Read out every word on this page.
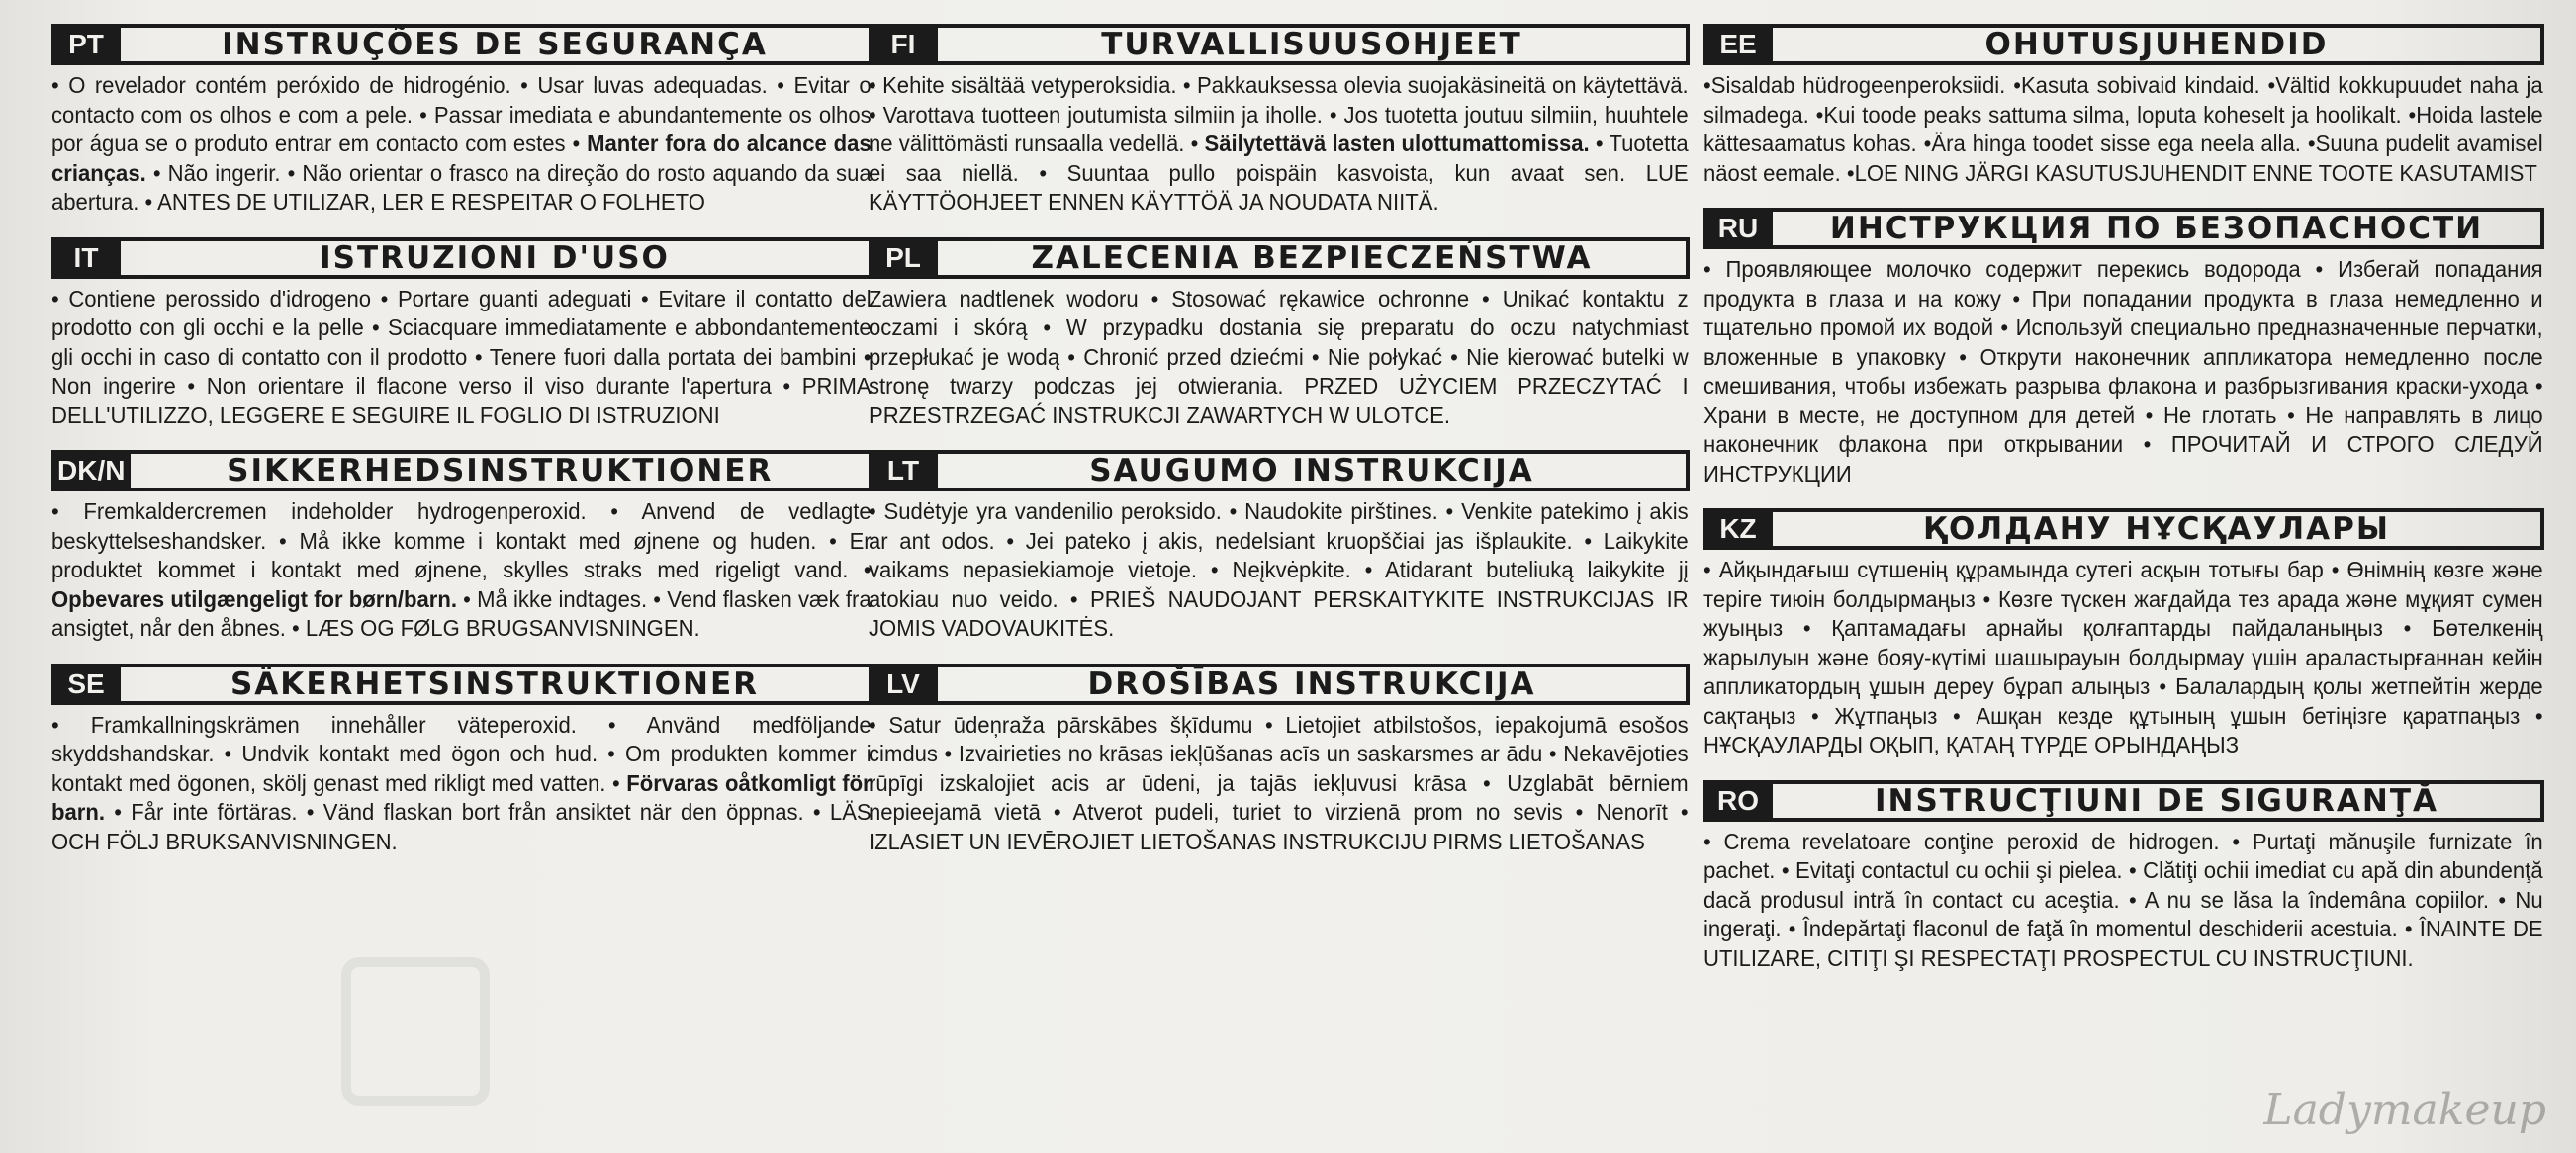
PT	INSTRUÇÕES DE SEGURANÇA
• O revelador contém peróxido de hidrogénio. • Usar luvas adequadas. • Evitar o contacto com os olhos e com a pele. • Passar imediata e abundantemente os olhos por água se o produto entrar em contacto com estes • Manter fora do alcance das crianças. • Não ingerir. • Não orientar o frasco na direção do rosto aquando da sua abertura. • ANTES DE UTILIZAR, LER E RESPEITAR O FOLHETO
IT	ISTRUZIONI D'USO
• Contiene perossido d'idrogeno • Portare guanti adeguati • Evitare il contatto del prodotto con gli occhi e la pelle • Sciacquare immediatamente e abbondantemente gli occhi in caso di contatto con il prodotto • Tenere fuori dalla portata dei bambini • Non ingerire • Non orientare il flacone verso il viso durante l'apertura • PRIMA DELL'UTILIZZO, LEGGERE E SEGUIRE IL FOGLIO DI ISTRUZIONI
DK/N	SIKKERHEDSINSTRUKTIONER
• Fremkaldercremen indeholder hydrogenperoxid. • Anvend de vedlagte beskyttelseshandsker. • Må ikke komme i kontakt med øjnene og huden. • Er produktet kommet i kontakt med øjnene, skylles straks med rigeligt vand. • Opbevares utilgængeligt for børn/barn. • Må ikke indtages. • Vend flasken væk fra ansigtet, når den åbnes. • LÆS OG FØLG BRUGSANVISNINGEN.
SE	SÄKERHETSINSTRUKTIONER
• Framkallningskrämen innehåller väteperoxid. • Använd medföljande skyddshandskar. • Undvik kontakt med ögon och hud. • Om produkten kommer i kontakt med ögonen, skölj genast med rikligt med vatten. • Förvaras oåtkomligt för barn. • Får inte förtäras. • Vänd flaskan bort från ansiktet när den öppnas. • LÄS OCH FÖLJ BRUKSANVISNINGEN.
FI	TURVALLISUUSOHJEET
• Kehite sisältää vetyperoksidia. • Pakkauksessa olevia suojakäsineitä on käytettävä. • Varottava tuotteen joutumista silmiin ja iholle. • Jos tuotetta joutuu silmiin, huuhtele ne välittömästi runsaalla vedellä. • Säilytettävä lasten ulottumattomissa. • Tuotetta ei saa niellä. • Suuntaa pullo poispäin kasvoista, kun avaat sen. LUE KÄYTTÖOHJEET ENNEN KÄYTTÖÄ JA NOUDATA NIITÄ.
PL	ZALECENIA BEZPIECZEŃSTWA
Zawiera nadtlenek wodoru • Stosować rękawice ochronne • Unikać kontaktu z oczami i skórą • W przypadku dostania się preparatu do oczu natychmiast przepłukać je wodą • Chronić przed dziećmi • Nie połykać • Nie kierować butelki w stronę twarzy podczas jej otwierania. PRZED UŻYCIEM PRZECZYTAĆ I PRZESTRZEGAĆ INSTRUKCJI ZAWARTYCH W ULOTCE.
LT	SAUGUMO INSTRUKCIJA
• Sudėtyje yra vandenilio peroksido. • Naudokite pirštines. • Venkite patekimo į akis ar ant odos. • Jei pateko į akis, nedelsiant kruopščiai jas išplaukite. • Laikykite vaikams nepasiekiamoje vietoje. • Neįkvėpkite. • Atidarant buteliuką laikykite jį atokiau nuo veido. • PRIEŠ NAUDOJANT PERSKAITYKITE INSTRUKCIJAS IR JOMIS VADOVAUKITĖS.
LV	DROŠĪBAS INSTRUKCIJA
• Satur ūdeņraža pārskābes šķīdumu • Lietojiet atbilstošos, iepakojumā esošos cimdus • Izvairieties no krāsas iekļūšanas acīs un saskarsmes ar ādu • Nekavējoties rūpīgi izskalojiet acis ar ūdeni, ja tajās iekļuvusi krāsa • Uzglabāt bērniem nepieejamā vietā • Atverot pudeli, turiet to virzienā prom no sevis • Nenorīt • IZLASIET UN IEVĒROJIET LIETOŠANAS INSTRUKCIJU PIRMS LIETOŠANAS
EE	OHUTUSJUHENDID
•Sisaldab hüdrogeenperoksiidi. •Kasuta sobivaid kindaid. •Vältid kokkupuudet naha ja silmadega. •Kui toode peaks sattuma silma, loputa koheselt ja hoolikalt. •Hoida lastele kättesaamatus kohas. •Ära hinga toodet sisse ega neela alla. •Suuna pudelit avamisel näost eemale. •LOE NING JÄRGI KASUTUSJUHENDIT ENNE TOOTE KASUTAMIST
RU	ИНСТРУКЦИЯ ПО БЕЗОПАСНОСТИ
• Проявляющее молочко содержит перекись водорода • Избегай попадания продукта в глаза и на кожу • При попадании продукта в глаза немедленно и тщательно промой их водой • Используй специально предназначенные перчатки, вложенные в упаковку • Открути наконечник аппликатора немедленно после смешивания, чтобы избежать разрыва флакона и разбрызгивания краски-ухода • Храни в месте, не доступном для детей • Не глотать • Не направлять в лицо наконечник флакона при открывании • ПРОЧИТАЙ И СТРОГО СЛЕДУЙ ИНСТРУКЦИИ
KZ	ҚОЛДАНУ НҰСҚАУЛАРЫ
• Айқындағыш сүтшенің құрамында сутегі асқын тотығы бар • Өнімнің көзге және теріге тиюін болдырмаңыз • Көзге түскен жағдайда тез арада және мұқият сумен жуыңыз • Қаптамадағы арнайы қолғаптарды пайдаланыңыз • Бөтелкенің жарылуын және бояу-күтімі шашырауын болдырмау үшін араластырғаннан кейін аппликатордың ұшын дереу бұрап алыңыз • Балалардың қолы жетпейтін жерде сақтаңыз • Жұтпаңыз • Ашқан кезде құтының ұшын бетіңізге қаратпаңыз • НҰСҚАУЛАРДЫ ОҚЫП, ҚАТАҢ ТҮРДЕ ОРЫНДАҢЫЗ
RO	INSTRUCŢIUNI DE SIGURANŢĂ
• Crema revelatoare conţine peroxid de hidrogen. • Purtaţi mănuşile furnizate în pachet. • Evitaţi contactul cu ochii şi pielea. • Clătiţi ochii imediat cu apă din abundenţă dacă produsul intră în contact cu aceştia. • A nu se lăsa la îndemâna copiilor. • Nu ingeraţi. • Îndepărtaţi flaconul de faţă în momentul deschiderii acestuia. • ÎNAINTE DE UTILIZARE, CITIŢI ŞI RESPECTAŢI PROSPECTUL CU INSTRUCŢIUNI.
Ladymakeup
